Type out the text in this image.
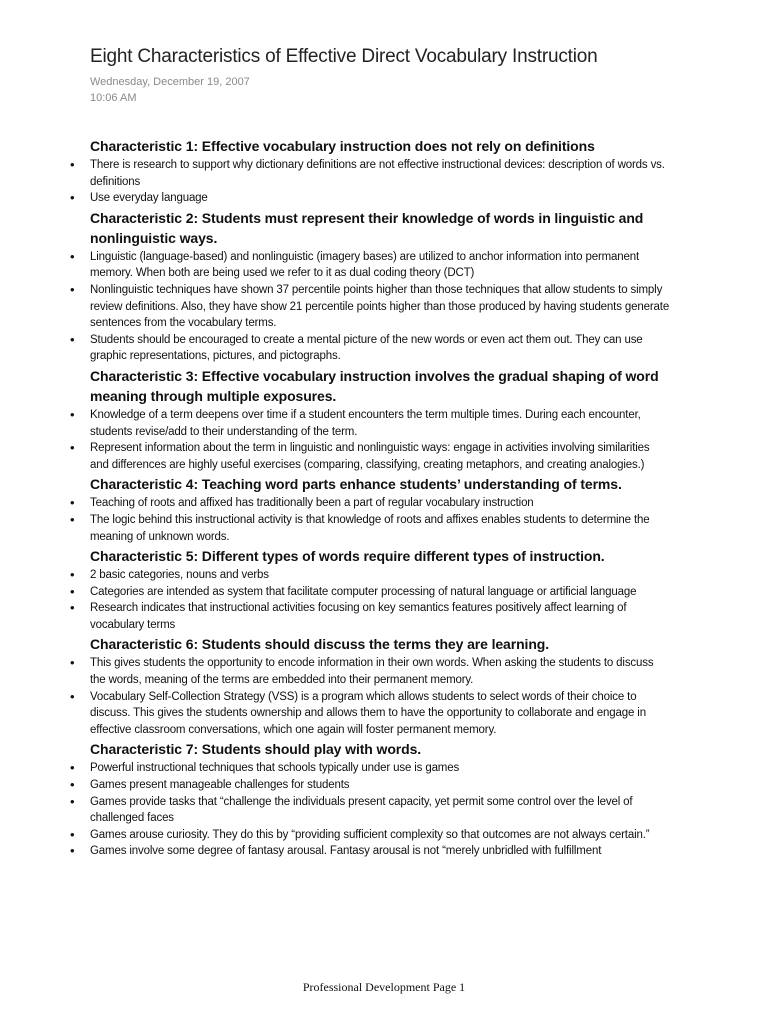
Eight Characteristics of Effective Direct Vocabulary Instruction
Wednesday, December 19, 2007
10:06 AM
Characteristic 1: Effective vocabulary instruction does not rely on definitions
• There is research to support why dictionary definitions are not effective instructional devices: description of words vs. definitions
• Use everyday language
Characteristic 2: Students must represent their knowledge of words in linguistic and nonlinguistic ways.
• Linguistic (language-based) and nonlinguistic (imagery bases) are utilized to anchor information into permanent memory. When both are being used we refer to it as dual coding theory (DCT)
• Nonlinguistic techniques have shown 37 percentile points higher than those techniques that allow students to simply review definitions. Also, they have show 21 percentile points higher than those produced by having students generate sentences from the vocabulary terms.
• Students should be encouraged to create a mental picture of the new words or even act them out. They can use graphic representations, pictures, and pictographs.
Characteristic 3: Effective vocabulary instruction involves the gradual shaping of word meaning through multiple exposures.
• Knowledge of a term deepens over time if a student encounters the term multiple times. During each encounter, students revise/add to their understanding of the term.
• Represent information about the term in linguistic and nonlinguistic ways: engage in activities involving similarities and differences are highly useful exercises (comparing, classifying, creating metaphors, and creating analogies.)
Characteristic 4: Teaching word parts enhance students’ understanding of terms.
• Teaching of roots and affixed has traditionally been a part of regular vocabulary instruction
• The logic behind this instructional activity is that knowledge of roots and affixes enables students to determine the meaning of unknown words.
Characteristic 5: Different types of words require different types of instruction.
• 2 basic categories, nouns and verbs
• Categories are intended as system that facilitate computer processing of natural language or artificial language
• Research indicates that instructional activities focusing on key semantics features positively affect learning of vocabulary terms
Characteristic 6: Students should discuss the terms they are learning.
• This gives students the opportunity to encode information in their own words. When asking the students to discuss the words, meaning of the terms are embedded into their permanent memory.
• Vocabulary Self-Collection Strategy (VSS) is a program which allows students to select words of their choice to discuss. This gives the students ownership and allows them to have the opportunity to collaborate and engage in effective classroom conversations, which one again will foster permanent memory.
Characteristic 7: Students should play with words.
• Powerful instructional techniques that schools typically under use is games
• Games present manageable challenges for students
• Games provide tasks that “challenge the individuals present capacity, yet permit some control over the level of challenged faces
• Games arouse curiosity. They do this by “providing sufficient complexity so that outcomes are not always certain.”
• Games involve some degree of fantasy arousal. Fantasy arousal is not “merely unbridled with fulfillment
Professional Development Page 1
